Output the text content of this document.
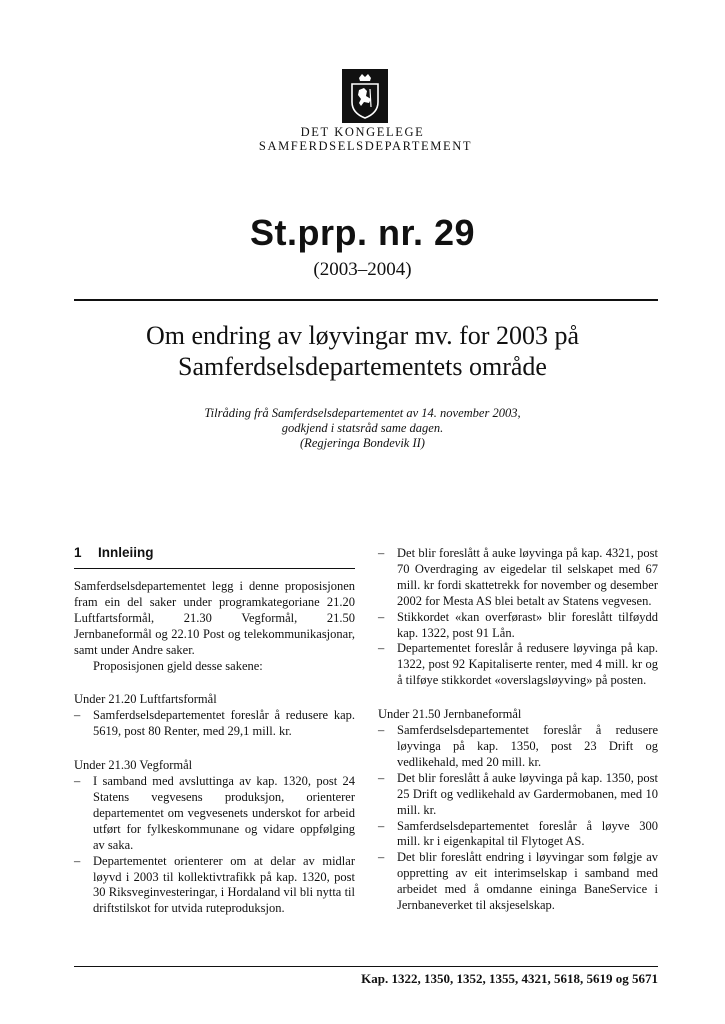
DET KONGELEGE
SAMFERDSELSDEPARTEMENT
St.prp. nr. 29
(2003–2004)
Om endring av løyvingar mv. for 2003 på
Samferdselsdepartementets område
Tilråding frå Samferdselsdepartementet av 14. november 2003,
godkjend i statsråd same dagen.
(Regjeringa Bondevik II)
1 Innleiing

Samferdselsdepartementet legg i denne proposisjonen fram ein del saker under programkategoriane 21.20 Luftfartsformål, 21.30 Vegformål, 21.50 Jernbaneformål og 22.10 Post og telekommunikasjonar, samt under Andre saker.

Proposisjonen gjeld desse sakene:

Under 21.20 Luftfartsformål

– Samferdselsdepartementet foreslår å redusere kap. 5619, post 80 Renter, med 29,1 mill. kr.

Under 21.30 Vegformål

– I samband med avsluttinga av kap. 1320, post 24 Statens vegvesens produksjon, orienterer departementet om vegvesenets underskot for arbeid utført for fylkeskommunane og vidare oppfølging av saka.
– Departementet orienterer om at delar av midlar løyvd i 2003 til kollektivtrafikk på kap. 1320, post 30 Riksveginvesteringar, i Hordaland vil bli nytta til driftstilskot for utvida ruteproduksjon.
– Det blir foreslått å auke løyvinga på kap. 4321, post 70 Overdraging av eigedelar til selskapet med 67 mill. kr fordi skattetrekk for november og desember 2002 for Mesta AS blei betalt av Statens vegvesen.
– Stikkordet «kan overførast» blir foreslått tilføydd kap. 1322, post 91 Lån.
– Departementet foreslår å redusere løyvinga på kap. 1322, post 92 Kapitaliserte renter, med 4 mill. kr og å tilføye stikkordet «overslagsløyving» på posten.

Under 21.50 Jernbaneformål

– Samferdselsdepartementet foreslår å redusere løyvinga på kap. 1350, post 23 Drift og vedlikehald, med 20 mill. kr.
– Det blir foreslått å auke løyvinga på kap. 1350, post 25 Drift og vedlikehald av Gardermobanen, med 10 mill. kr.
– Samferdselsdepartementet foreslår å løyve 300 mill. kr i eigenkapital til Flytoget AS.
– Det blir foreslått endring i løyvingar som følgje av oppretting av eit interimselskap i samband med arbeidet med å omdanne eininga BaneService i Jernbaneverket til aksjeselskap.
Kap. 1322, 1350, 1352, 1355, 4321, 5618, 5619 og 5671
